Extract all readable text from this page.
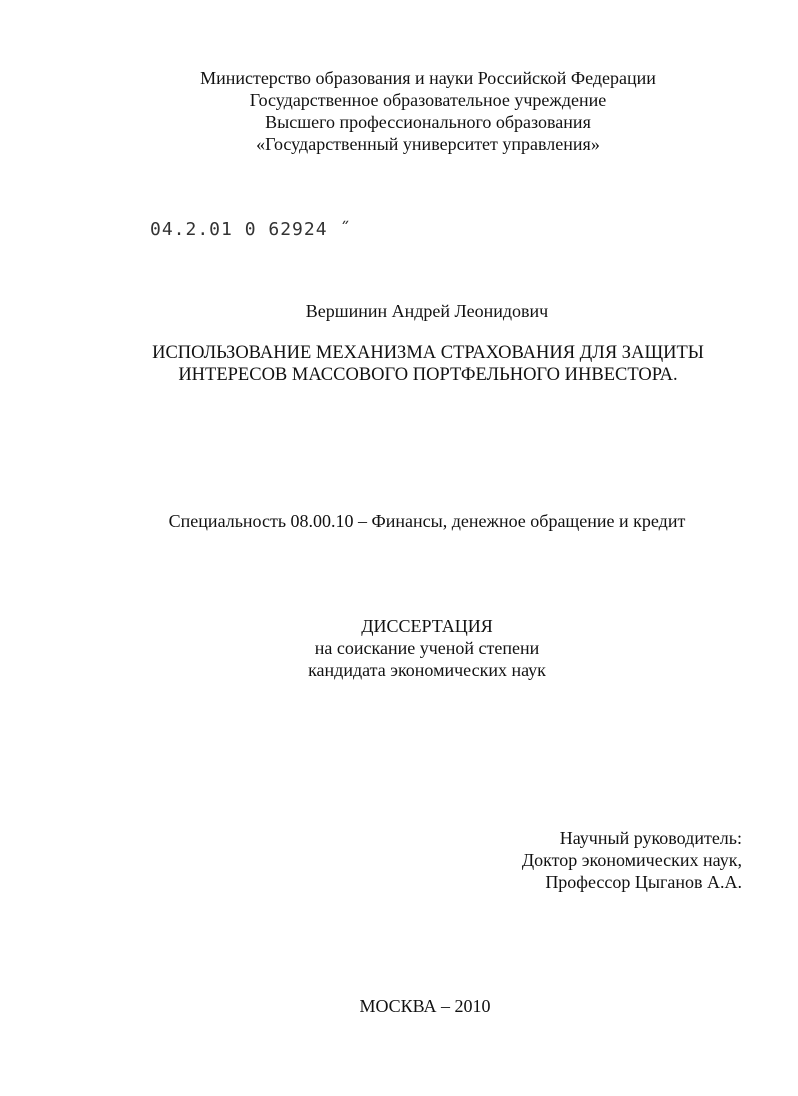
Министерство образования и науки Российской Федерации
Государственное образовательное учреждение
Высшего профессионального образования
«Государственный университет управления»
04.2.01 0 62924 ˝
Вершинин Андрей Леонидович
ИСПОЛЬЗОВАНИЕ МЕХАНИЗМА СТРАХОВАНИЯ ДЛЯ ЗАЩИТЫ
ИНТЕРЕСОВ МАССОВОГО ПОРТФЕЛЬНОГО ИНВЕСТОРА.
Специальность 08.00.10 – Финансы, денежное обращение и кредит
ДИССЕРТАЦИЯ
на соискание ученой степени
кандидата экономических наук
Научный руководитель:
Доктор экономических наук,
Профессор Цыганов А.А.
МОСКВА – 2010
